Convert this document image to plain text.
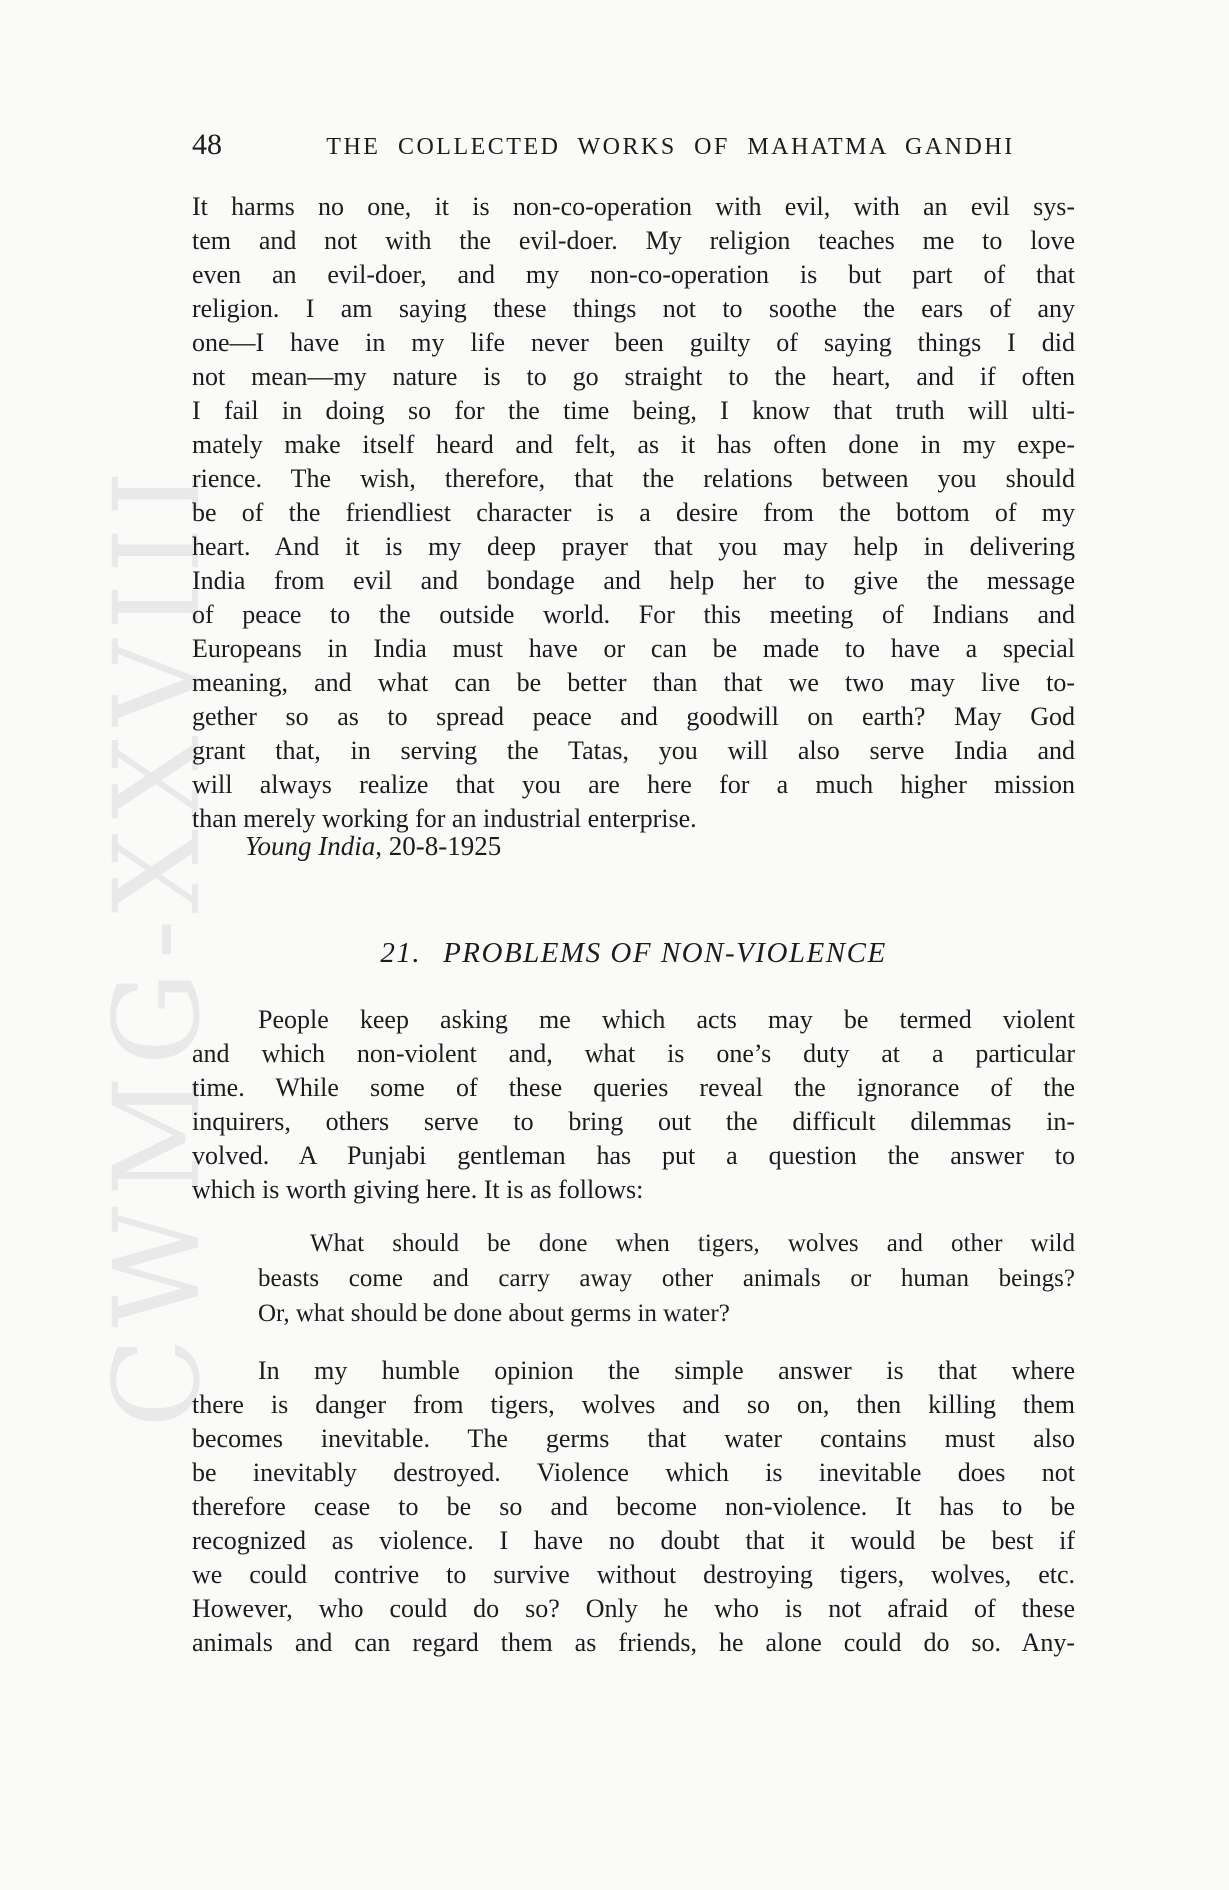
CWMG-XXVIII
48	THE COLLECTED WORKS OF MAHATMA GANDHI
It harms no one, it is non-co-operation with evil, with an evil sys-
tem and not with the evil-doer. My religion teaches me to love
even an evil-doer, and my non-co-operation is but part of that
religion. I am saying these things not to soothe the ears of any
one—I have in my life never been guilty of saying things I did
not mean—my nature is to go straight to the heart, and if often
I fail in doing so for the time being, I know that truth will ulti-
mately make itself heard and felt, as it has often done in my expe-
rience. The wish, therefore, that the relations between you should
be of the friendliest character is a desire from the bottom of my
heart. And it is my deep prayer that you may help in delivering
India from evil and bondage and help her to give the message
of peace to the outside world. For this meeting of Indians and
Europeans in India must have or can be made to have a special
meaning, and what can be better than that we two may live to-
gether so as to spread peace and goodwill on earth? May God
grant that, in serving the Tatas, you will also serve India and
will always realize that you are here for a much higher mission
than merely working for an industrial enterprise.
Young India, 20-8-1925
21. PROBLEMS OF NON-VIOLENCE
People keep asking me which acts may be termed violent
and which non-violent and, what is one’s duty at a particular
time. While some of these queries reveal the ignorance of the
inquirers, others serve to bring out the difficult dilemmas in-
volved. A Punjabi gentleman has put a question the answer to
which is worth giving here. It is as follows:
What should be done when tigers, wolves and other wild
beasts come and carry away other animals or human beings?
Or, what should be done about germs in water?
In my humble opinion the simple answer is that where
there is danger from tigers, wolves and so on, then killing them
becomes inevitable. The germs that water contains must also
be inevitably destroyed. Violence which is inevitable does not
therefore cease to be so and become non-violence. It has to be
recognized as violence. I have no doubt that it would be best if
we could contrive to survive without destroying tigers, wolves, etc.
However, who could do so? Only he who is not afraid of these
animals and can regard them as friends, he alone could do so. Any-
